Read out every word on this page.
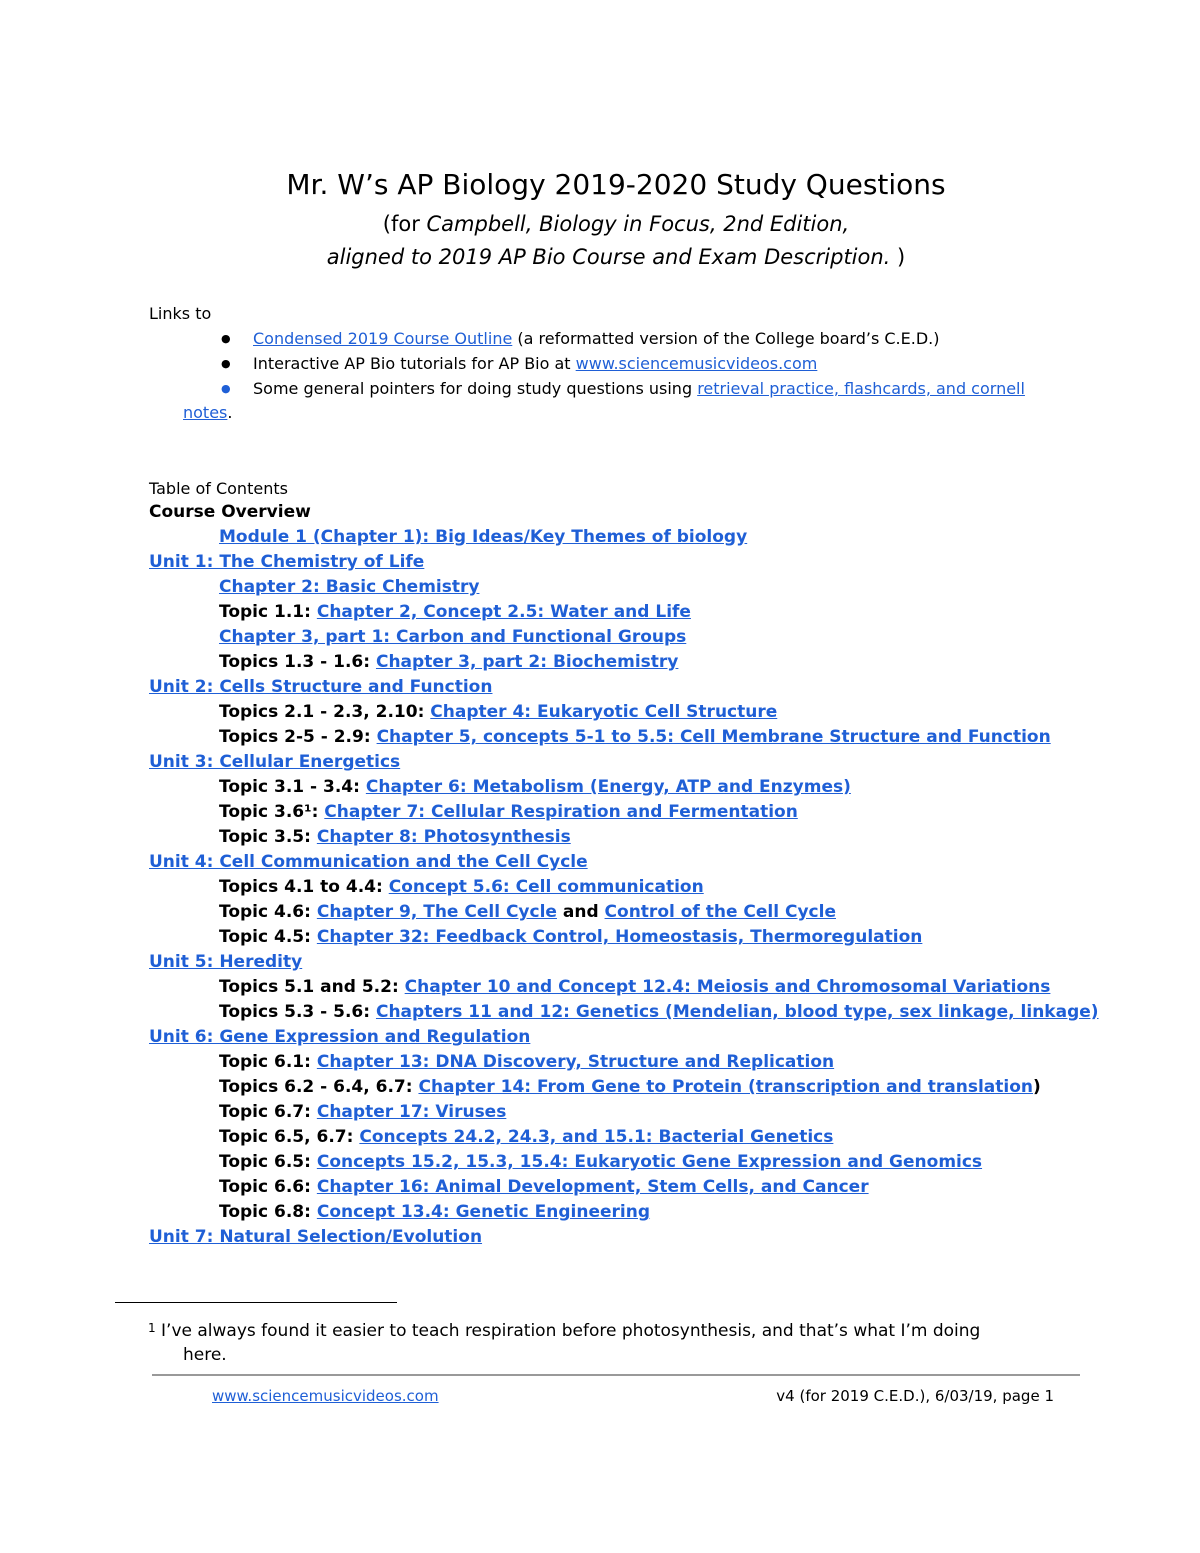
Mr. W’s AP Biology 2019-2020 Study Questions
(for Campbell, Biology in Focus, 2nd Edition,
aligned to 2019 AP Bio Course and Exam Description. )
Links to
● Condensed 2019 Course Outline (a reformatted version of the College board’s C.E.D.)
● Interactive AP Bio tutorials for AP Bio at www.sciencemusicvideos.com
● Some general pointers for doing study questions using retrieval practice, flashcards, and cornell
notes.
Table of Contents
Course Overview
Module 1 (Chapter 1): Big Ideas/Key Themes of biology
Unit 1: The Chemistry of Life
Chapter 2: Basic Chemistry
Topic 1.1: Chapter 2, Concept 2.5: Water and Life
Chapter 3, part 1: Carbon and Functional Groups
Topics 1.3 - 1.6: Chapter 3, part 2: Biochemistry
Unit 2: Cells Structure and Function
Topics 2.1 - 2.3, 2.10: Chapter 4: Eukaryotic Cell Structure
Topics 2-5 - 2.9: Chapter 5, concepts 5-1 to 5.5: Cell Membrane Structure and Function
Unit 3: Cellular Energetics
Topic 3.1 - 3.4: Chapter 6: Metabolism (Energy, ATP and Enzymes)
Topic 3.6¹: Chapter 7: Cellular Respiration and Fermentation
Topic 3.5: Chapter 8: Photosynthesis
Unit 4: Cell Communication and the Cell Cycle
Topics 4.1 to 4.4: Concept 5.6: Cell communication
Topic 4.6: Chapter 9, The Cell Cycle and Control of the Cell Cycle
Topic 4.5: Chapter 32: Feedback Control, Homeostasis, Thermoregulation
Unit 5: Heredity
Topics 5.1 and 5.2: Chapter 10 and Concept 12.4: Meiosis and Chromosomal Variations
Topics 5.3 - 5.6: Chapters 11 and 12: Genetics (Mendelian, blood type, sex linkage, linkage)
Unit 6: Gene Expression and Regulation
Topic 6.1: Chapter 13: DNA Discovery, Structure and Replication
Topics 6.2 - 6.4, 6.7: Chapter 14: From Gene to Protein (transcription and translation)
Topic 6.7: Chapter 17: Viruses
Topic 6.5, 6.7: Concepts 24.2, 24.3, and 15.1: Bacterial Genetics
Topic 6.5: Concepts 15.2, 15.3, 15.4: Eukaryotic Gene Expression and Genomics
Topic 6.6: Chapter 16: Animal Development, Stem Cells, and Cancer
Topic 6.8: Concept 13.4: Genetic Engineering
Unit 7: Natural Selection/Evolution
$^1$ I’ve always found it easier to teach respiration before photosynthesis, and that’s what I’m doing
here.
www.sciencemusicvideos.com	v4 (for 2019 C.E.D.), 6/03/19, page 1
